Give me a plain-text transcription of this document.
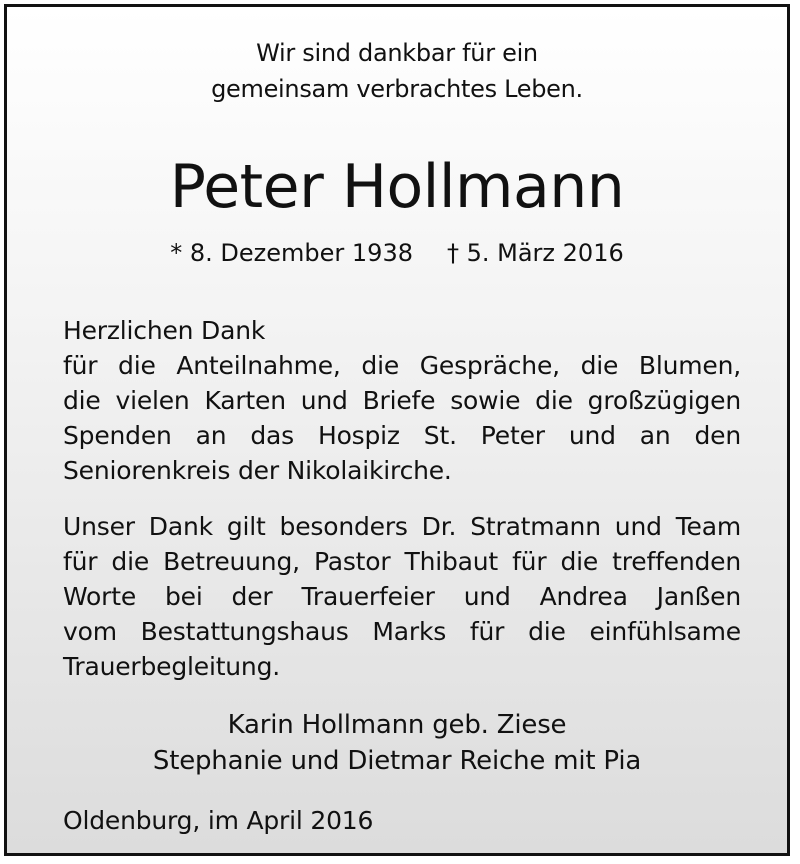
Wir sind dankbar für ein
gemeinsam verbrachtes Leben.
Peter Hollmann
* 8. Dezember 1938 † 5. März 2016
Herzlichen Dank
für die Anteilnahme, die Gespräche, die Blumen,
die vielen Karten und Briefe sowie die großzügigen
Spenden an das Hospiz St. Peter und an den
Seniorenkreis der Nikolaikirche.
Unser Dank gilt besonders Dr. Stratmann und Team
für die Betreuung, Pastor Thibaut für die treffenden
Worte bei der Trauerfeier und Andrea Janßen
vom Bestattungshaus Marks für die einfühlsame
Trauerbegleitung.
Karin Hollmann geb. Ziese
Stephanie und Dietmar Reiche mit Pia
Oldenburg, im April 2016
